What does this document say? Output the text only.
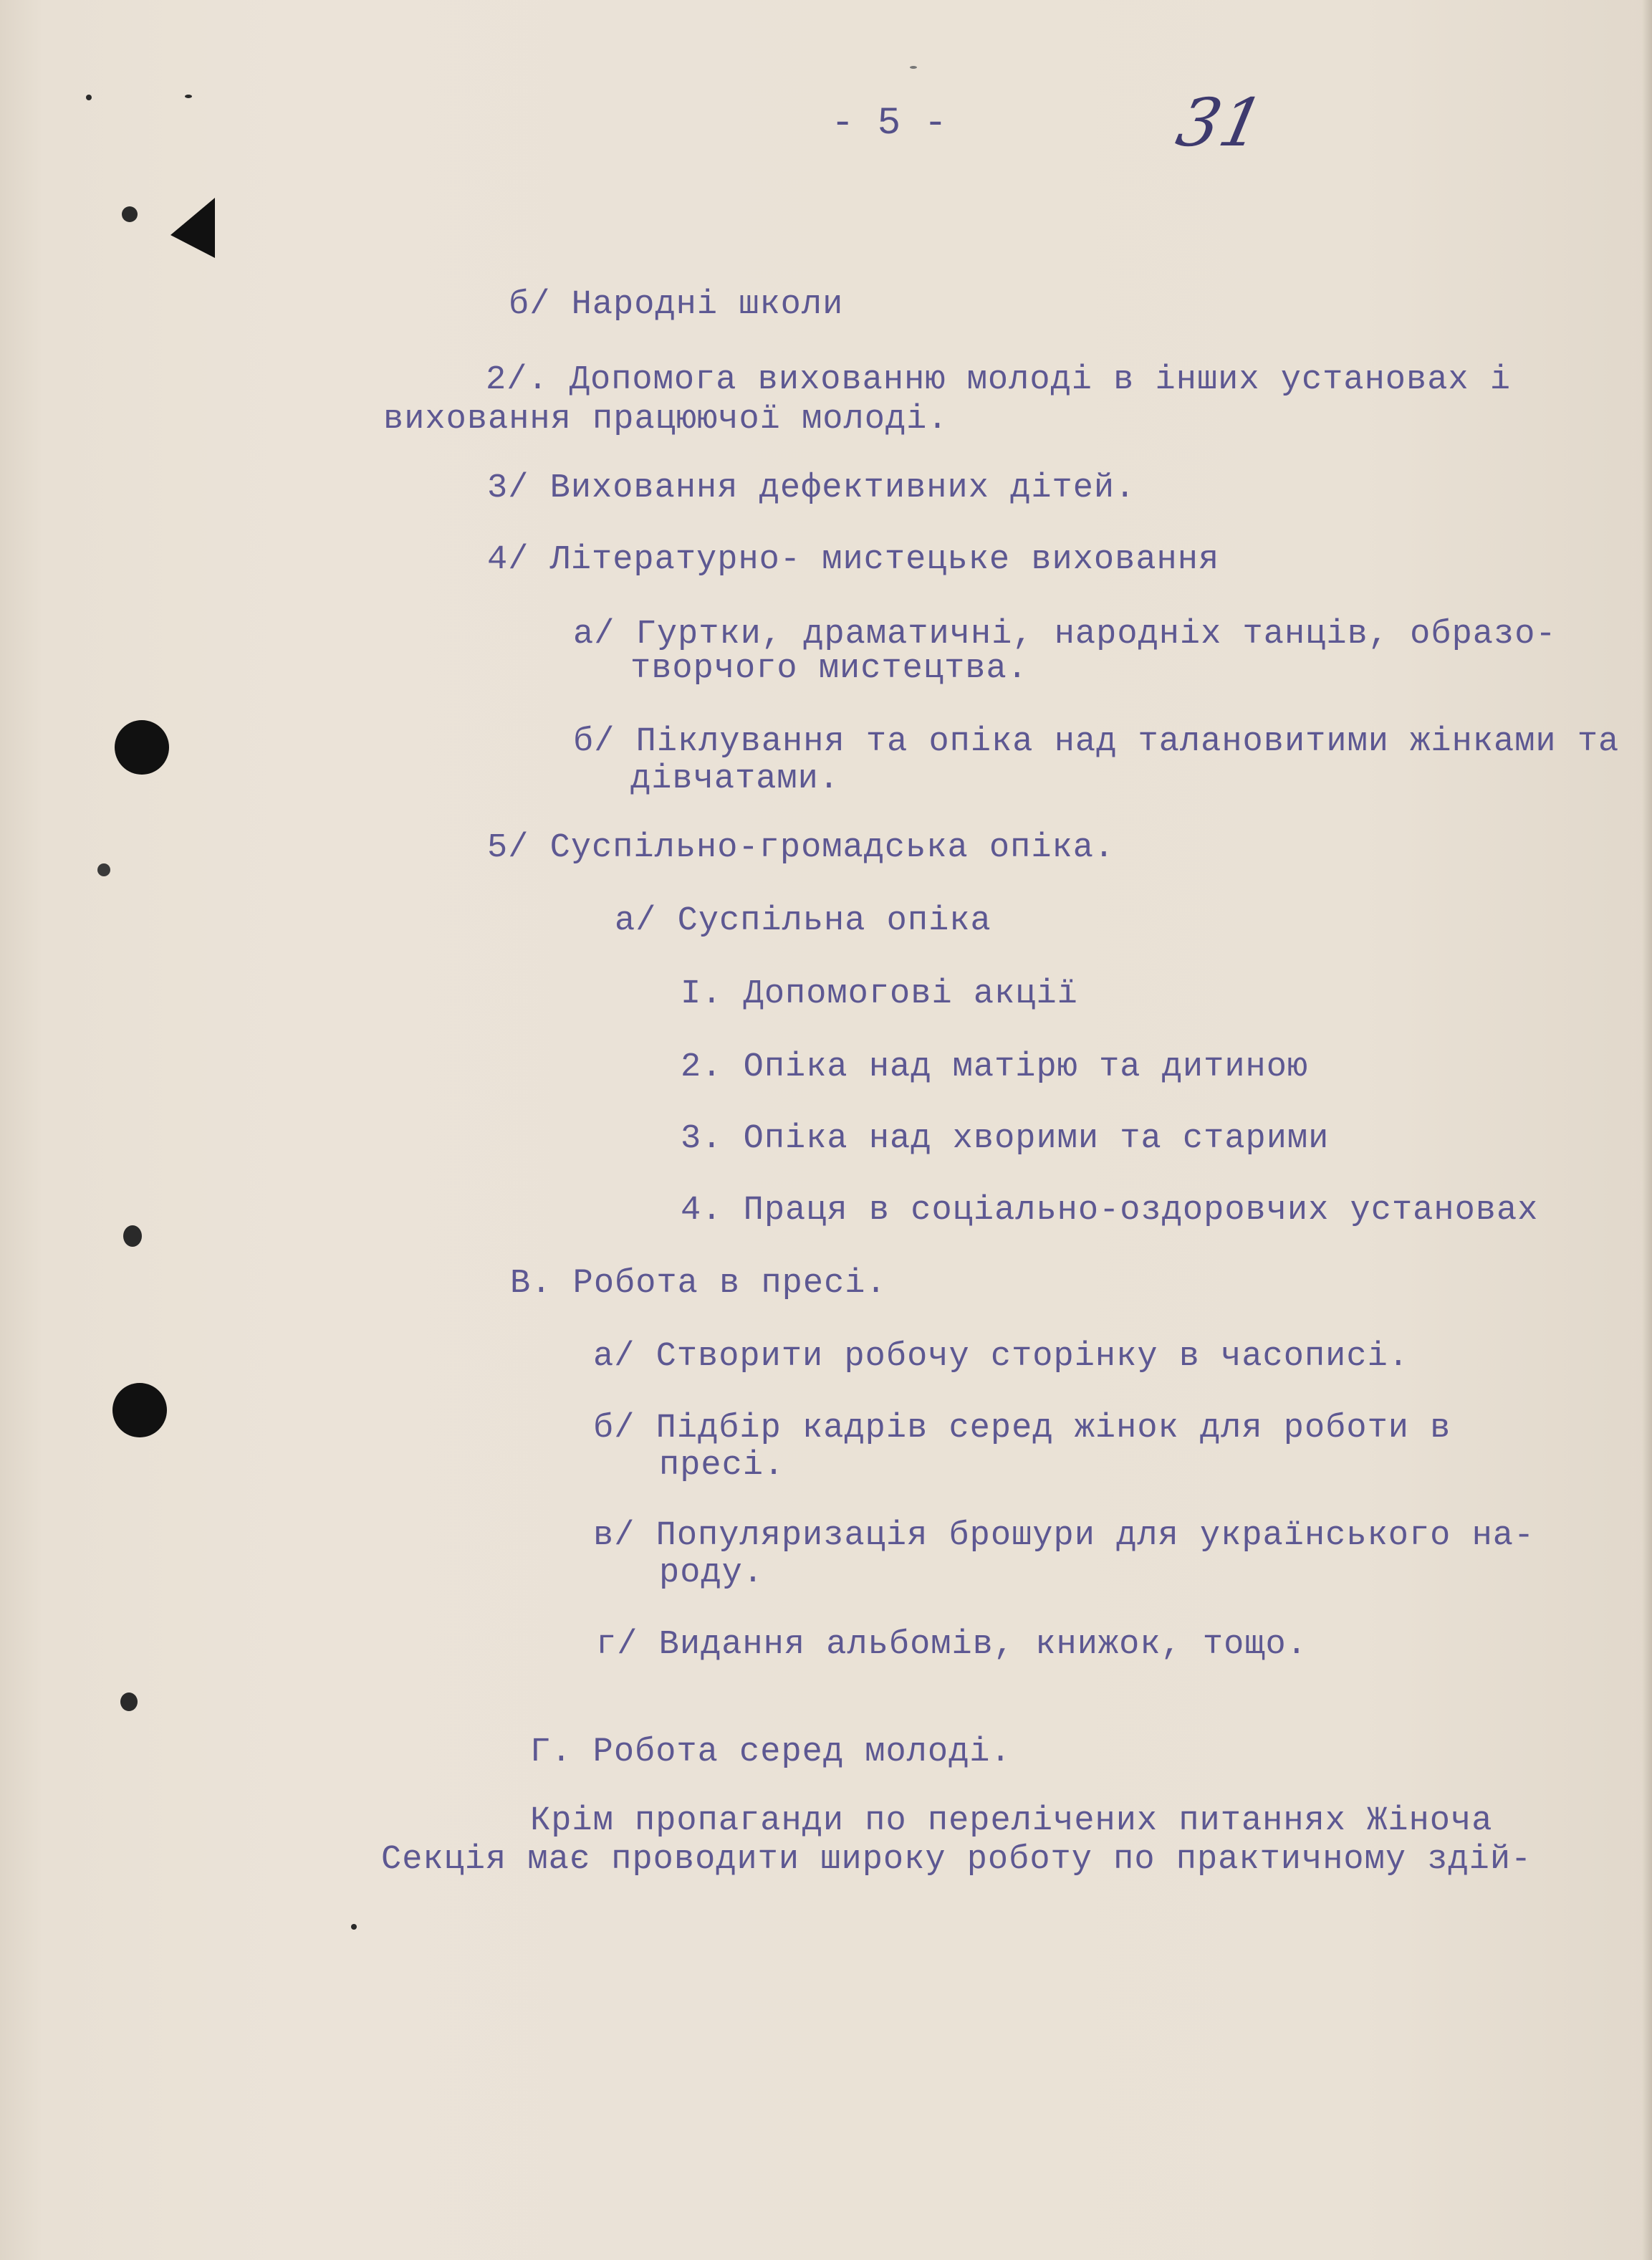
- 5 -	31
б/ Народні школи
2/. Допомога вихованню молоді в інших установах і
виховання працюючої молоді.
3/ Виховання дефективних дітей.
4/ Літературно- мистецьке виховання
а/ Гуртки, драматичні, народніх танців, образо-
творчого мистецтва.
б/ Піклування та опіка над талановитими жінками та
дівчатами.
5/ Суспільно-громадська опіка.
а/ Суспільна опіка
I. Допомогові акції
2. Опіка над матірю та дитиною
3. Опіка над хворими та старими
4. Праця в соціально-оздоровчих установах
В. Робота в пресі.
а/ Створити робочу сторінку в часописі.
б/ Підбір кадрів серед жінок для роботи в
пресі.
в/ Популяризація брошури для українського на-
роду.
г/ Видання альбомів, книжок, тощо.
Г. Робота серед молоді.
Крім пропаганди по перелічених питаннях Жіноча
Секція має проводити широку роботу по практичному здій-
